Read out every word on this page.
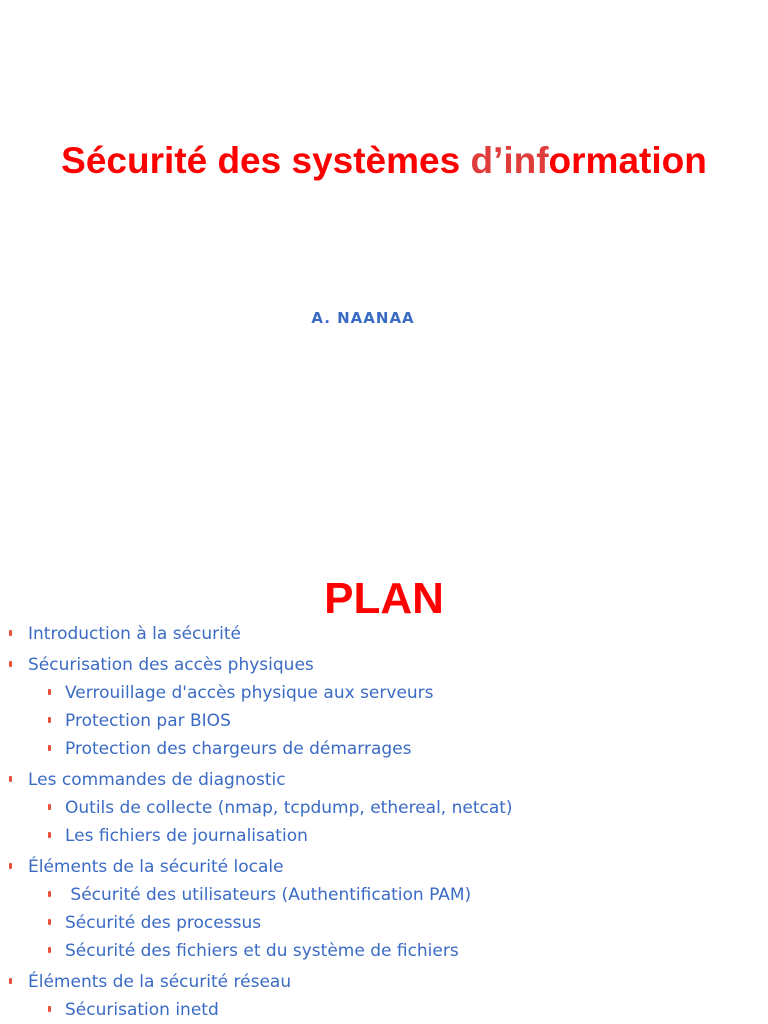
Sécurité des systèmes d’information
A. NAANAA
PLAN
Introduction à la sécurité
Sécurisation des accès physiques
Verrouillage d'accès physique aux serveurs
Protection par BIOS
Protection des chargeurs de démarrages
Les commandes de diagnostic
Outils de collecte (nmap, tcpdump, ethereal, netcat)
Les fichiers de journalisation
Éléments de la sécurité locale
Sécurité des utilisateurs (Authentification PAM)
Sécurité des processus
Sécurité des fichiers et du système de fichiers
Éléments de la sécurité réseau
Sécurisation inetd
